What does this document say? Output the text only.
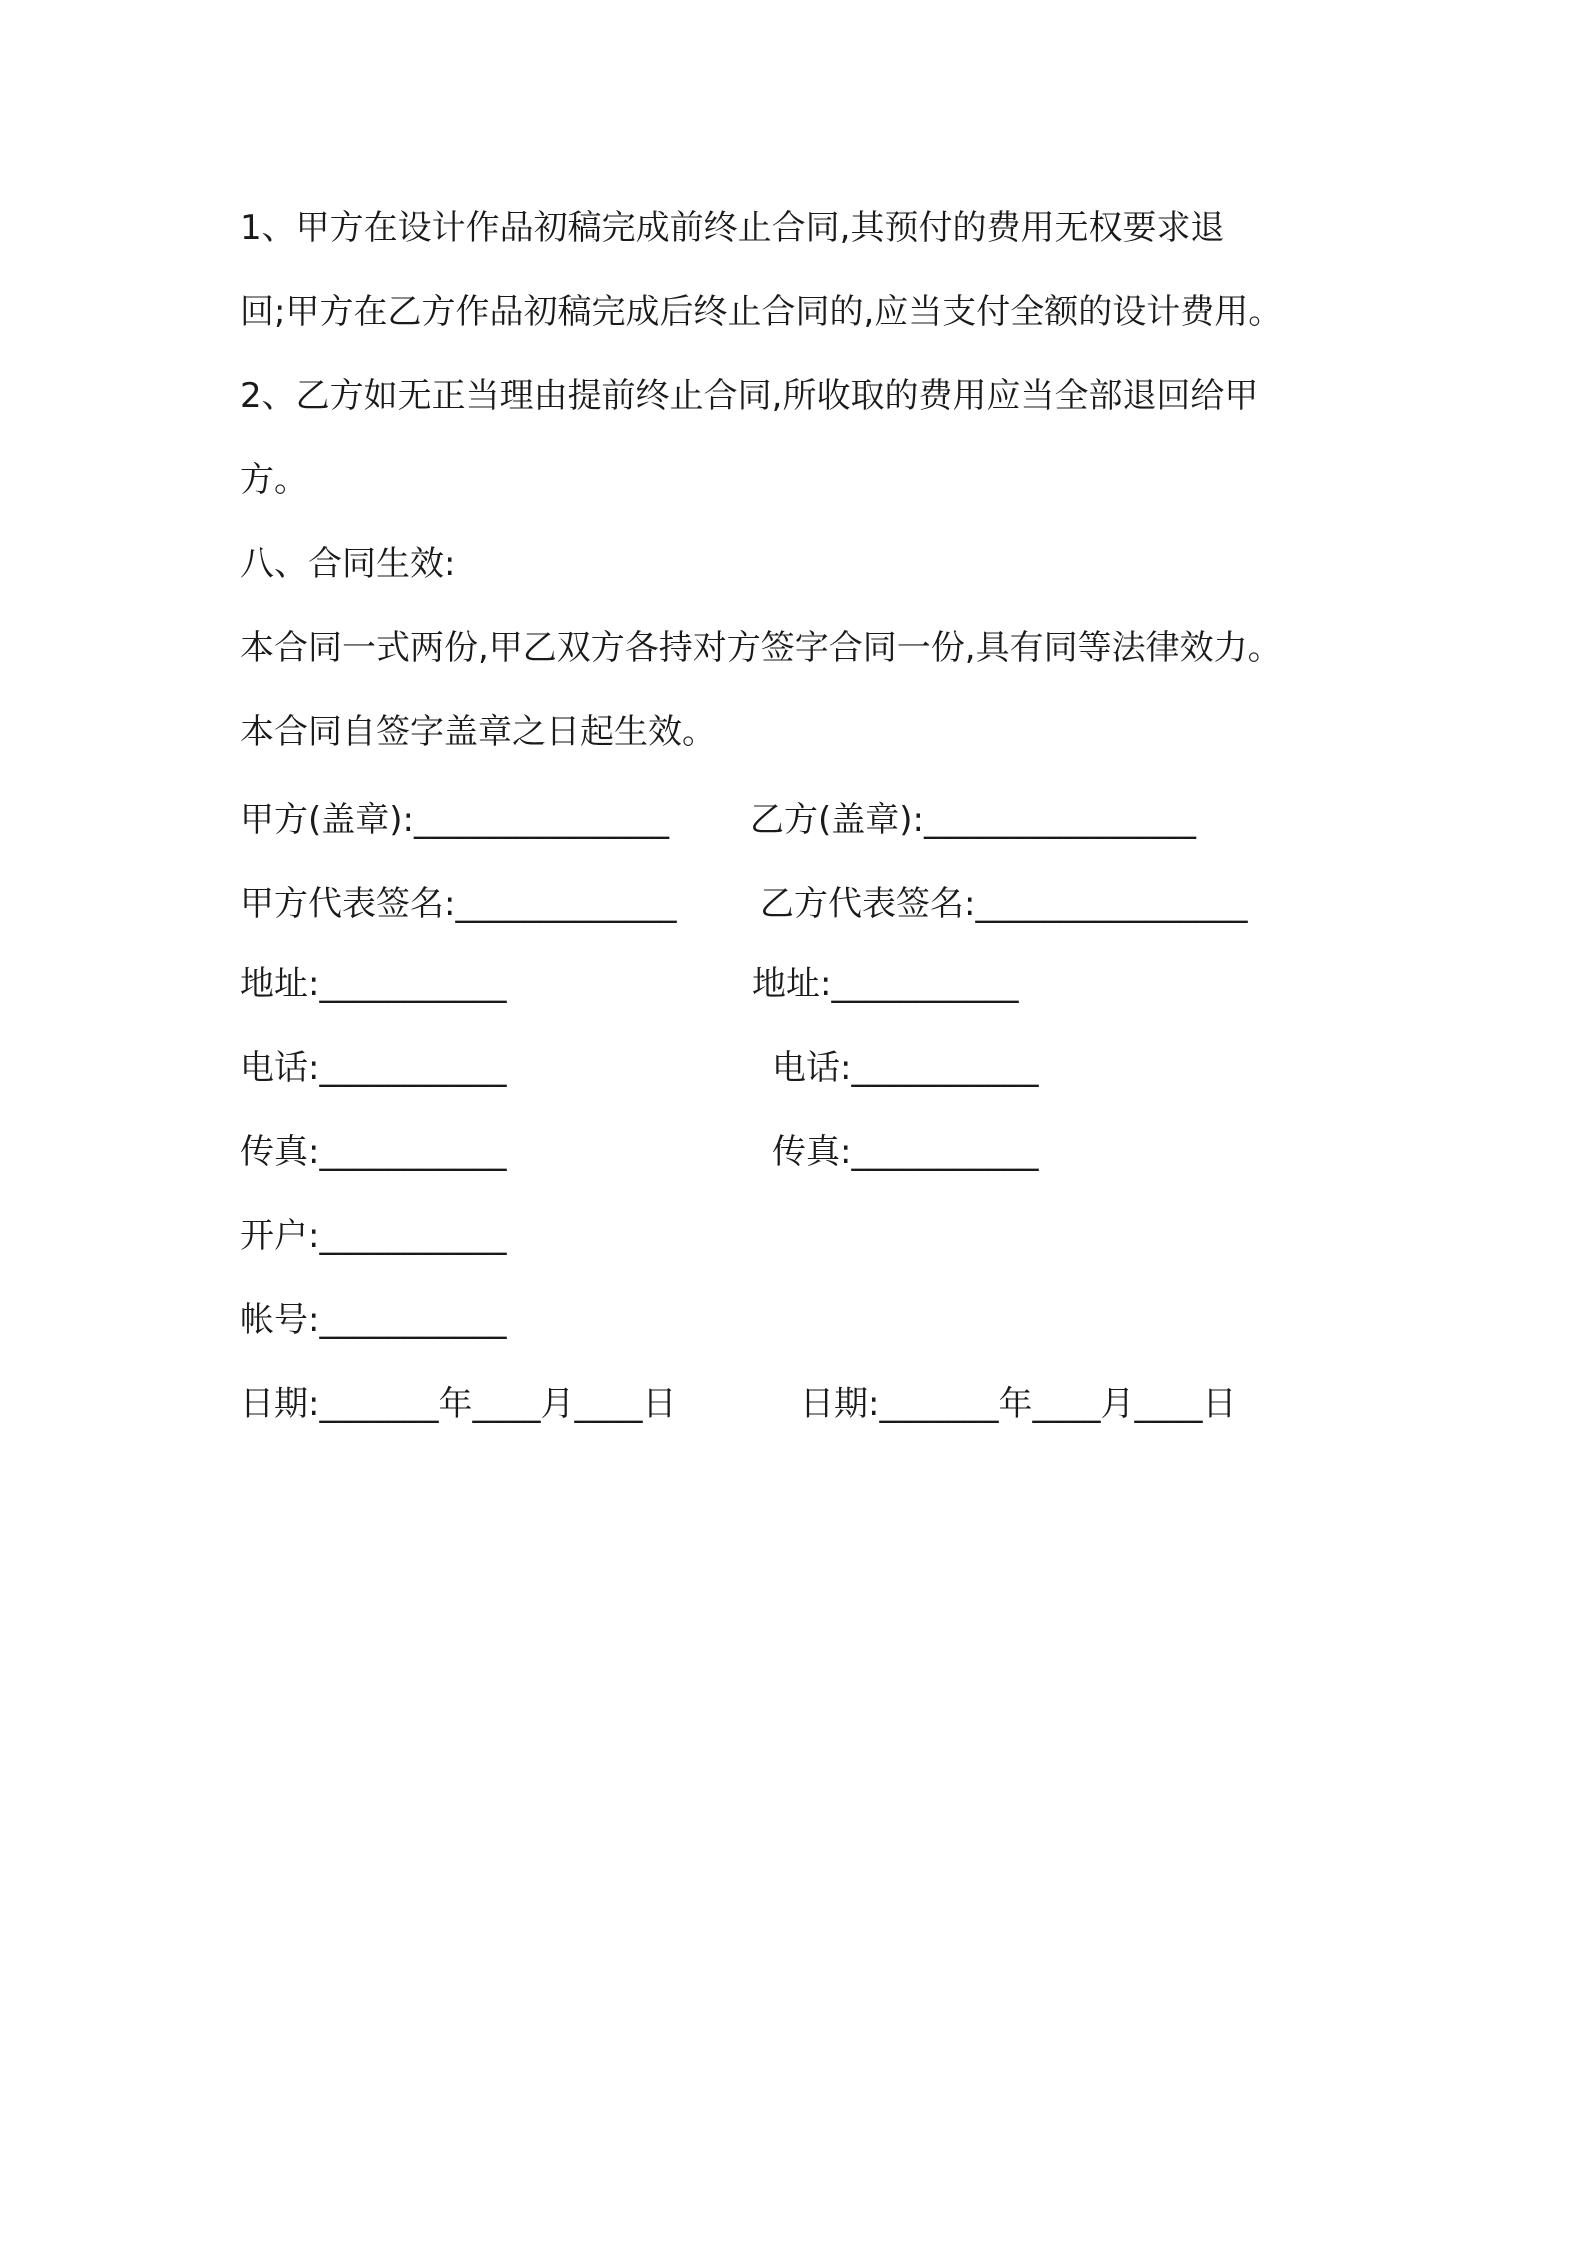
1、甲方在设计作品初稿完成前终止合同,其预付的费用无权要求退
回;甲方在乙方作品初稿完成后终止合同的,应当支付全额的设计费用。
2、乙方如无正当理由提前终止合同,所收取的费用应当全部退回给甲
方。
八、合同生效:
本合同一式两份,甲乙双方各持对方签字合同一份,具有同等法律效力。
本合同自签字盖章之日起生效。
甲方(盖章):_______________ 乙方(盖章):________________
甲方代表签名:_____________ 乙方代表签名:________________
地址:___________	地址:___________
电话:___________	电话:___________
传真:___________	传真:___________
开户:___________
帐号:___________
日期:_______年____月____日	日期:_______年____月____日
